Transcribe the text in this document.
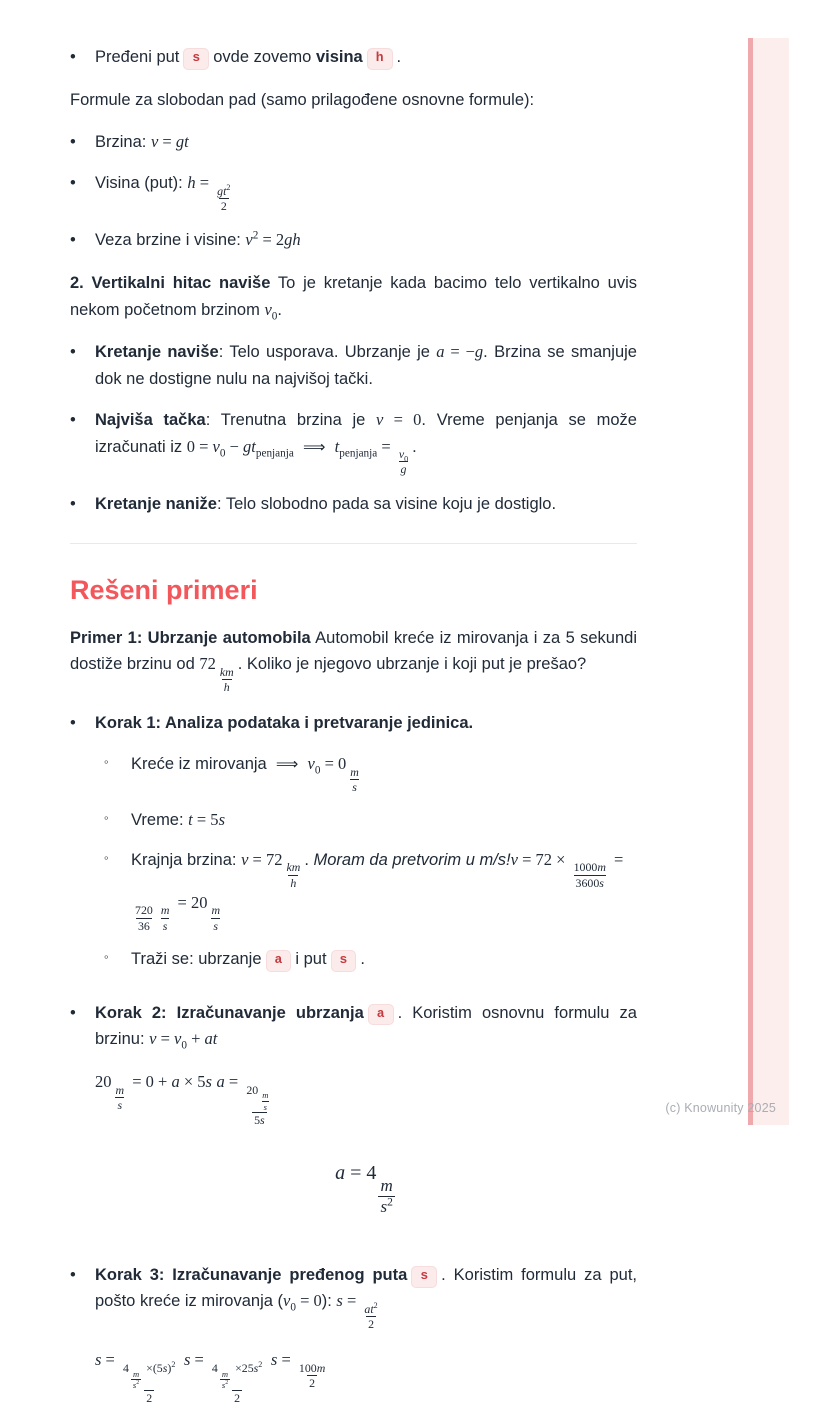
•	Pređeni put s ovde zovemo visina h .
Formule za slobodan pad (samo prilagođene osnovne formule):
•	Brzina: v = gt
•	Visina (put): h =
$\frac{gt^2}{2}$
•	Veza brzine i visine: $v^2 = 2gh$
2. Vertikalni hitac naviše To je kretanje kada bacimo telo vertikalno uvis nekom početnom brzinom $v_0$.
•	Kretanje naviše: Telo usporava. Ubrzanje je a = −g. Brzina se smanjuje dok ne dostigne nulu na najvišoj tački.
•	Najviša tačka: Trenutna brzina je v = 0. Vreme penjanja se može izračunati iz $0 = v_0 - gt_{penjanja}$ ⟹ $t_{penjanja}$ =
$\frac{v_0}{g}$
.
•	Kretanje naniže: Telo slobodno pada sa visine koju je dostiglo.
Rešeni primeri
Primer 1: Ubrzanje automobila Automobil kreće iz mirovanja i za 5 sekundi dostiže brzinu od 72
$\frac{km}{h}$
. Koliko je njegovo ubrzanje i koji put je prešao?
•	Korak 1: Analiza podataka i pretvaranje jedinica.
◦	Kreće iz mirovanja  ⟹ $v_0 = 0$
$\frac{m}{s}$
◦	Vreme: t = 5s
◦	Krajnja brzina: v = 72
$\frac{km}{h}$
. Moram da pretvorim u m/s!v = 72 ×
$\frac{1000m}{3600s}$
=
$\frac{720}{36} \frac{m}{s}$
= 20
$\frac{m}{s}$
◦	Traži se: ubrzanje a i put s .
•	Korak 2: Izračunavanje ubrzanja a . Koristim osnovnu formulu za brzinu: $v = v_0$ + at
20
$\frac{m}{s}$
= 0 + a × 5s a =
20
$\frac{m}{s}$
5s
a = 4
$\frac{m}{s^2}$
•	Korak 3: Izračunavanje pređenog puta s . Koristim formulu za put, pošto kreće iz mirovanja $(v_0 = 0)$: s =
$\frac{at^2}{2}$
s =
4
$\frac{m}{s^2}$
$\times(5s)^2$
2
s =
4
$\frac{m}{s^2}$
$\times 25s^2$
2
s =
$\frac{100m}{2}$
(c) Knowunity 2025
